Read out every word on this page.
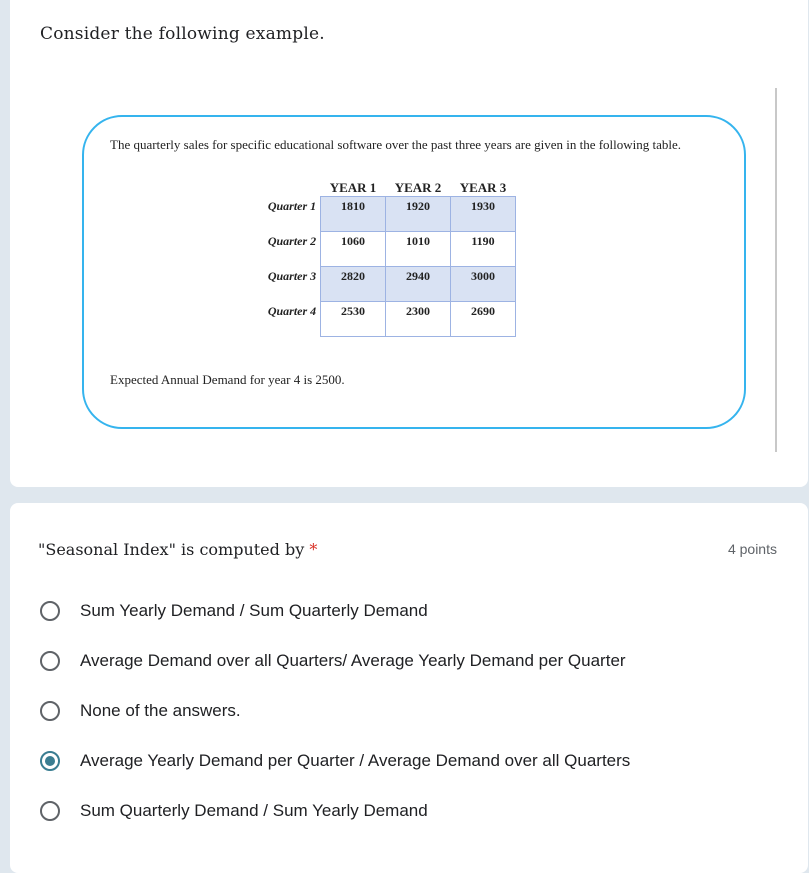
Consider the following example.
The quarterly sales for specific educational software over the past three years are given in the following table.
	YEAR 1	YEAR 2	YEAR 3
Quarter 1	1810	1920	1930
Quarter 2	1060	1010	1190
Quarter 3	2820	2940	3000
Quarter 4	2530	2300	2690
Expected Annual Demand for year 4 is 2500.
"Seasonal Index" is computed by *	4 points
Sum Yearly Demand / Sum Quarterly Demand
Average Demand over all Quarters/ Average Yearly Demand per Quarter
None of the answers.
Average Yearly Demand per Quarter / Average Demand over all Quarters
Sum Quarterly Demand / Sum Yearly Demand
